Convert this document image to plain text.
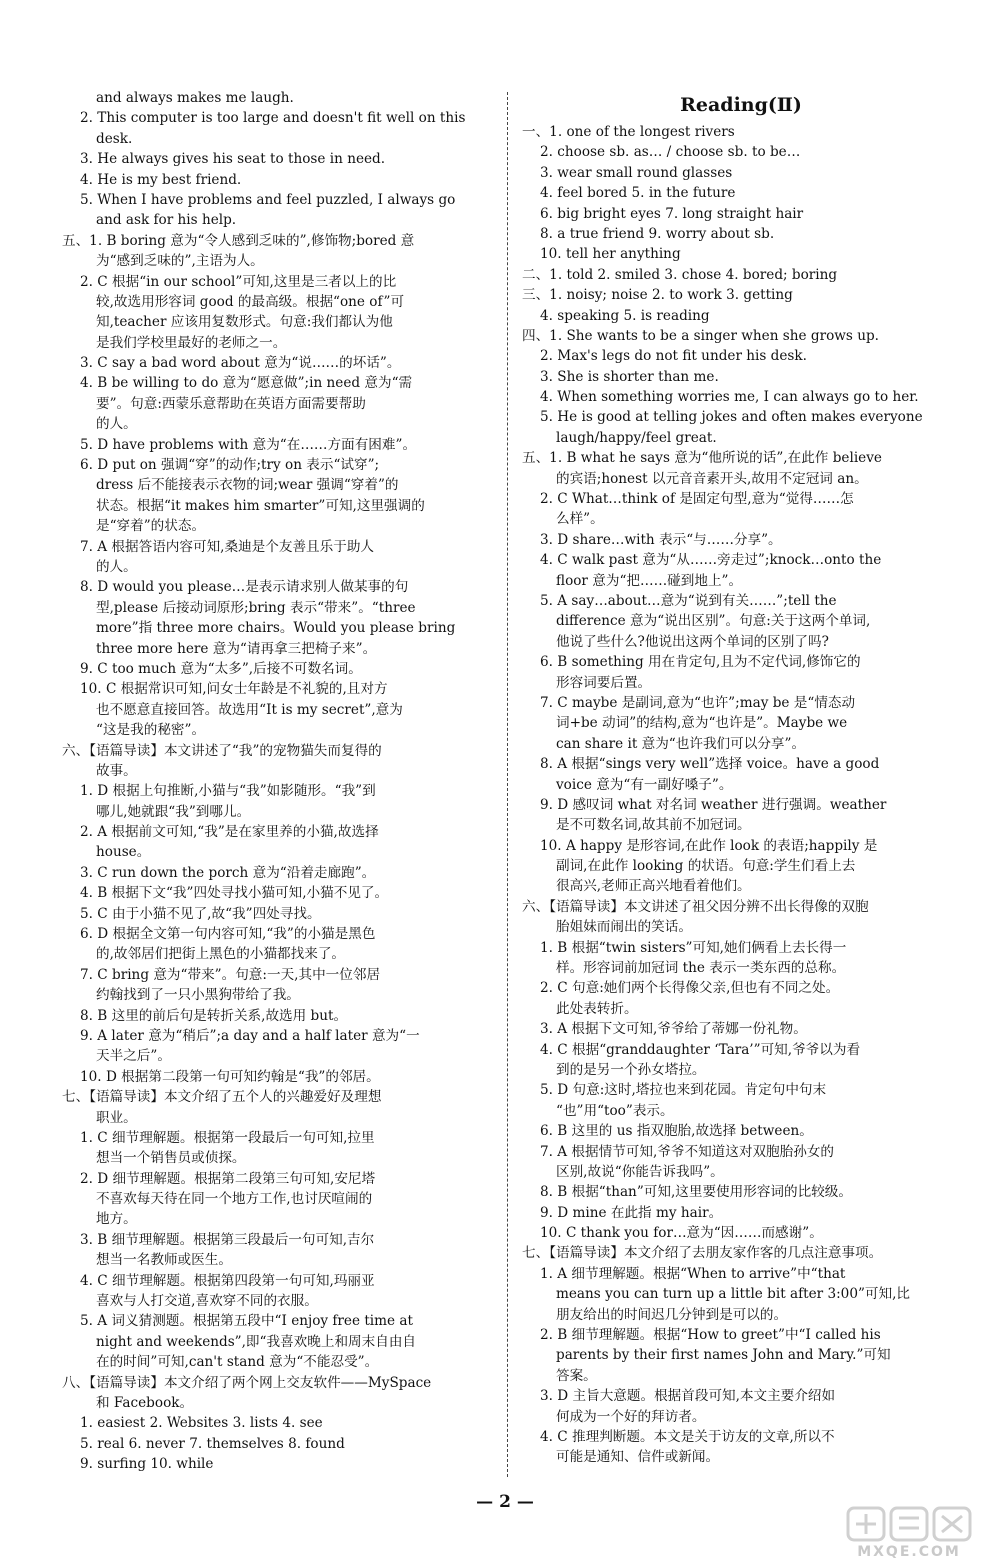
and always makes me laugh.
2. This computer is too large and doesn't fit well on this
desk.
3. He always gives his seat to those in need.
4. He is my best friend.
5. When I have problems and feel puzzled, I always go
and ask for his help.
五、1. B boring 意为“令人感到乏味的”,修饰物;bored 意
为“感到乏味的”,主语为人。
2. C 根据“in our school”可知,这里是三者以上的比
较,故选用形容词 good 的最高级。根据“one of”可
知,teacher 应该用复数形式。句意:我们都认为他
是我们学校里最好的老师之一。
3. C say a bad word about 意为“说……的坏话”。
4. B be willing to do 意为“愿意做”;in need 意为“需
要”。句意:西蒙乐意帮助在英语方面需要帮助
的人。
5. D have problems with 意为“在……方面有困难”。
6. D put on 强调“穿”的动作;try on 表示“试穿”;
dress 后不能接表示衣物的词;wear 强调“穿着”的
状态。根据“it makes him smarter”可知,这里强调的
是“穿着”的状态。
7. A 根据答语内容可知,桑迪是个友善且乐于助人
的人。
8. D would you please…是表示请求别人做某事的句
型,please 后接动词原形;bring 表示“带来”。“three
more”指 three more chairs。Would you please bring
three more here 意为“请再拿三把椅子来”。
9. C too much 意为“太多”,后接不可数名词。
10. C 根据常识可知,问女士年龄是不礼貌的,且对方
也不愿意直接回答。故选用“It is my secret”,意为
“这是我的秘密”。
六、【语篇导读】本文讲述了“我”的宠物猫失而复得的
故事。
1. D 根据上句推断,小猫与“我”如影随形。“我”到
哪儿,她就跟“我”到哪儿。
2. A 根据前文可知,“我”是在家里养的小猫,故选择
house。
3. C run down the porch 意为“沿着走廊跑”。
4. B 根据下文“我”四处寻找小猫可知,小猫不见了。
5. C 由于小猫不见了,故“我”四处寻找。
6. D 根据全文第一句内容可知,“我”的小猫是黑色
的,故邻居们把街上黑色的小猫都找来了。
7. C bring 意为“带来”。句意:一天,其中一位邻居
约翰找到了一只小黑狗带给了我。
8. B 这里的前后句是转折关系,故选用 but。
9. A later 意为“稍后”;a day and a half later 意为“一
天半之后”。
10. D 根据第二段第一句可知约翰是“我”的邻居。
七、【语篇导读】本文介绍了五个人的兴趣爱好及理想
职业。
1. C 细节理解题。根据第一段最后一句可知,拉里
想当一个销售员或侦探。
2. D 细节理解题。根据第二段第三句可知,安尼塔
不喜欢每天待在同一个地方工作,也讨厌喧闹的
地方。
3. B 细节理解题。根据第三段最后一句可知,吉尔
想当一名教师或医生。
4. C 细节理解题。根据第四段第一句可知,玛丽亚
喜欢与人打交道,喜欢穿不同的衣服。
5. A 词义猜测题。根据第五段中“I enjoy free time at
night and weekends”,即“我喜欢晚上和周末自由自
在的时间”可知,can't stand 意为“不能忍受”。
八、【语篇导读】本文介绍了两个网上交友软件——MySpace
和 Facebook。
1. easiest 2. Websites 3. lists 4. see
5. real 6. never 7. themselves 8. found
9. surfing 10. while
Reading(Ⅱ)
一、1. one of the longest rivers
2. choose sb. as… / choose sb. to be…
3. wear small round glasses
4. feel bored 5. in the future
6. big bright eyes 7. long straight hair
8. a true friend 9. worry about sb.
10. tell her anything
二、1. told 2. smiled 3. chose 4. bored; boring
三、1. noisy; noise 2. to work 3. getting
4. speaking 5. is reading
四、1. She wants to be a singer when she grows up.
2. Max's legs do not fit under his desk.
3. She is shorter than me.
4. When something worries me, I can always go to her.
5. He is good at telling jokes and often makes everyone
laugh/happy/feel great.
五、1. B what he says 意为“他所说的话”,在此作 believe
的宾语;honest 以元音音素开头,故用不定冠词 an。
2. C What…think of 是固定句型,意为“觉得……怎
么样”。
3. D share…with 表示“与……分享”。
4. C walk past 意为“从……旁走过”;knock…onto the
floor 意为“把……碰到地上”。
5. A say…about…意为“说到有关……”;tell the
difference 意为“说出区别”。句意:关于这两个单词,
他说了些什么?他说出这两个单词的区别了吗?
6. B something 用在肯定句,且为不定代词,修饰它的
形容词要后置。
7. C maybe 是副词,意为“也许”;may be 是“情态动
词+be 动词”的结构,意为“也许是”。Maybe we
can share it 意为“也许我们可以分享”。
8. A 根据“sings very well”选择 voice。have a good
voice 意为“有一副好嗓子”。
9. D 感叹词 what 对名词 weather 进行强调。weather
是不可数名词,故其前不加冠词。
10. A happy 是形容词,在此作 look 的表语;happily 是
副词,在此作 looking 的状语。句意:学生们看上去
很高兴,老师正高兴地看着他们。
六、【语篇导读】本文讲述了祖父因分辨不出长得像的双胞
胎姐妹而闹出的笑话。
1. B 根据“twin sisters”可知,她们俩看上去长得一
样。形容词前加冠词 the 表示一类东西的总称。
2. C 句意:她们两个长得像父亲,但也有不同之处。
此处表转折。
3. A 根据下文可知,爷爷给了蒂娜一份礼物。
4. C 根据“granddaughter ‘Tara’”可知,爷爷以为看
到的是另一个孙女塔拉。
5. D 句意:这时,塔拉也来到花园。肯定句中句末
“也”用“too”表示。
6. B 这里的 us 指双胞胎,故选择 between。
7. A 根据情节可知,爷爷不知道这对双胞胎孙女的
区别,故说“你能告诉我吗”。
8. B 根据“than”可知,这里要使用形容词的比较级。
9. D mine 在此指 my hair。
10. C thank you for…意为“因……而感谢”。
七、【语篇导读】本文介绍了去朋友家作客的几点注意事项。
1. A 细节理解题。根据“When to arrive”中“that
means you can turn up a little bit after 3:00”可知,比
朋友给出的时间迟几分钟到是可以的。
2. B 细节理解题。根据“How to greet”中“I called his
parents by their first names John and Mary.”可知
答案。
3. D 主旨大意题。根据首段可知,本文主要介绍如
何成为一个好的拜访者。
4. C 推理判断题。本文是关于访友的文章,所以不
可能是通知、信件或新闻。
— 2 —
MXQE.COM
